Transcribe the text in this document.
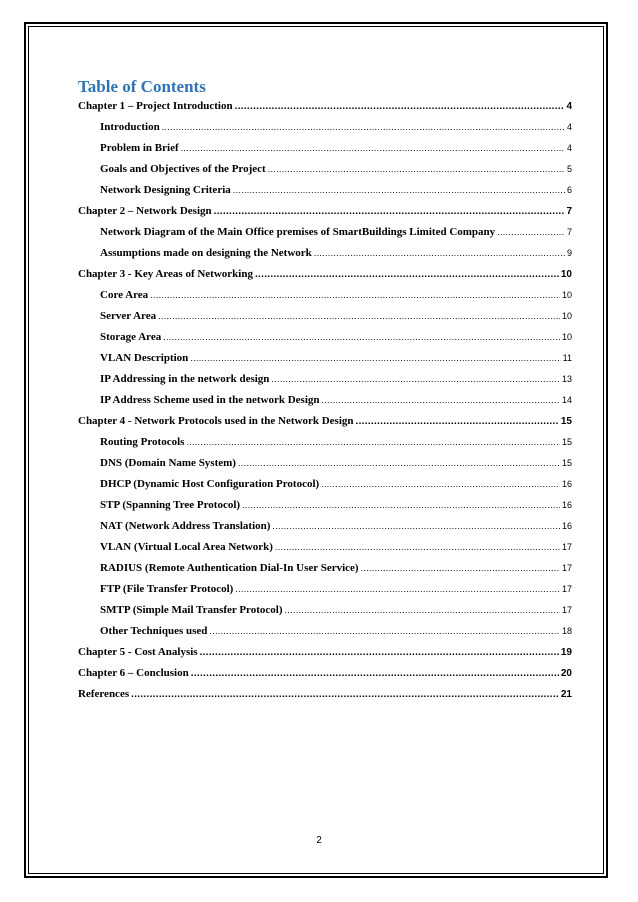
Table of Contents
Chapter 1 – Project Introduction .....	4
Introduction .....	4
Problem in Brief .....	4
Goals and Objectives of the Project .....	5
Network Designing Criteria .....	6
Chapter 2 – Network Design .....	7
Network Diagram of the Main Office premises of SmartBuildings Limited Company .....	7
Assumptions made on designing the Network .....	9
Chapter 3 - Key Areas of Networking .....	10
Core Area .....	10
Server Area .....	10
Storage Area .....	10
VLAN Description .....	11
IP Addressing in the network design .....	13
IP Address Scheme used in the network Design .....	14
Chapter 4 - Network Protocols used in the Network Design .....	15
Routing Protocols .....	15
DNS (Domain Name System) .....	15
DHCP (Dynamic Host Configuration Protocol) .....	16
STP (Spanning Tree Protocol) .....	16
NAT (Network Address Translation) .....	16
VLAN (Virtual Local Area Network) .....	17
RADIUS (Remote Authentication Dial-In User Service) .....	17
FTP (File Transfer Protocol) .....	17
SMTP (Simple Mail Transfer Protocol) .....	17
Other Techniques used .....	18
Chapter 5 - Cost Analysis .....	19
Chapter 6 – Conclusion .....	20
References .....	21
2
